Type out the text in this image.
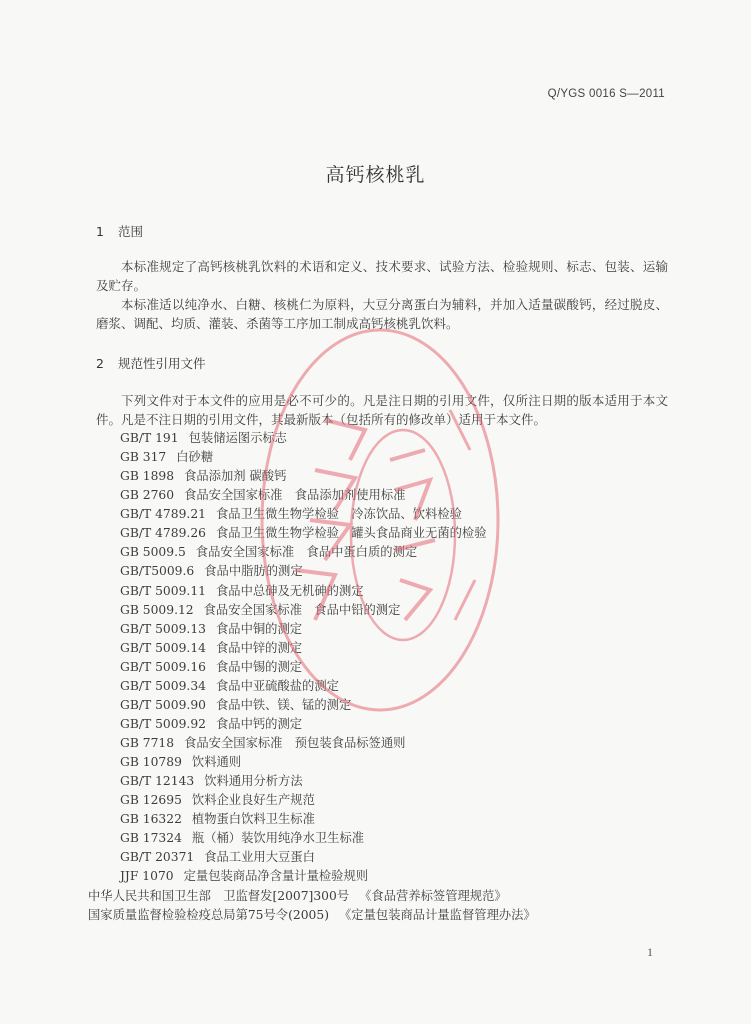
Q/YGS 0016 S—2011
高钙核桃乳
1 范围
本标准规定了高钙核桃乳饮料的术语和定义、技术要求、试验方法、检验规则、标志、包装、运输及贮存。
本标准适以纯净水、白糖、核桃仁为原料，大豆分离蛋白为辅料，并加入适量碳酸钙，经过脱皮、磨浆、调配、均质、灌装、杀菌等工序加工制成高钙核桃乳饮料。
2 规范性引用文件
下列文件对于本文件的应用是必不可少的。凡是注日期的引用文件，仅所注日期的版本适用于本文件。凡是不注日期的引用文件，其最新版本（包括所有的修改单）适用于本文件。
GB/T 191 包装储运图示标志
GB 317 白砂糖
GB 1898 食品添加剂 碳酸钙
GB 2760 食品安全国家标准　食品添加剂使用标准
GB/T 4789.21 食品卫生微生物学检验　冷冻饮品、饮料检验
GB/T 4789.26 食品卫生微生物学检验　罐头食品商业无菌的检验
GB 5009.5 食品安全国家标准　食品中蛋白质的测定
GB/T5009.6 食品中脂肪的测定
GB/T 5009.11 食品中总砷及无机砷的测定
GB 5009.12 食品安全国家标准　食品中铅的测定
GB/T 5009.13 食品中铜的测定
GB/T 5009.14 食品中锌的测定
GB/T 5009.16 食品中锡的测定
GB/T 5009.34 食品中亚硫酸盐的测定
GB/T 5009.90 食品中铁、镁、锰的测定
GB/T 5009.92 食品中钙的测定
GB 7718 食品安全国家标准　预包装食品标签通则
GB 10789 饮料通则
GB/T 12143 饮料通用分析方法
GB 12695 饮料企业良好生产规范
GB 16322 植物蛋白饮料卫生标准
GB 17324 瓶（桶）装饮用纯净水卫生标准
GB/T 20371 食品工业用大豆蛋白
JJF 1070 定量包装商品净含量计量检验规则
中华人民共和国卫生部　卫监督发[2007]300号 《食品营养标签管理规范》
国家质量监督检验检疫总局第75号令(2005) 《定量包装商品计量监督管理办法》
1
